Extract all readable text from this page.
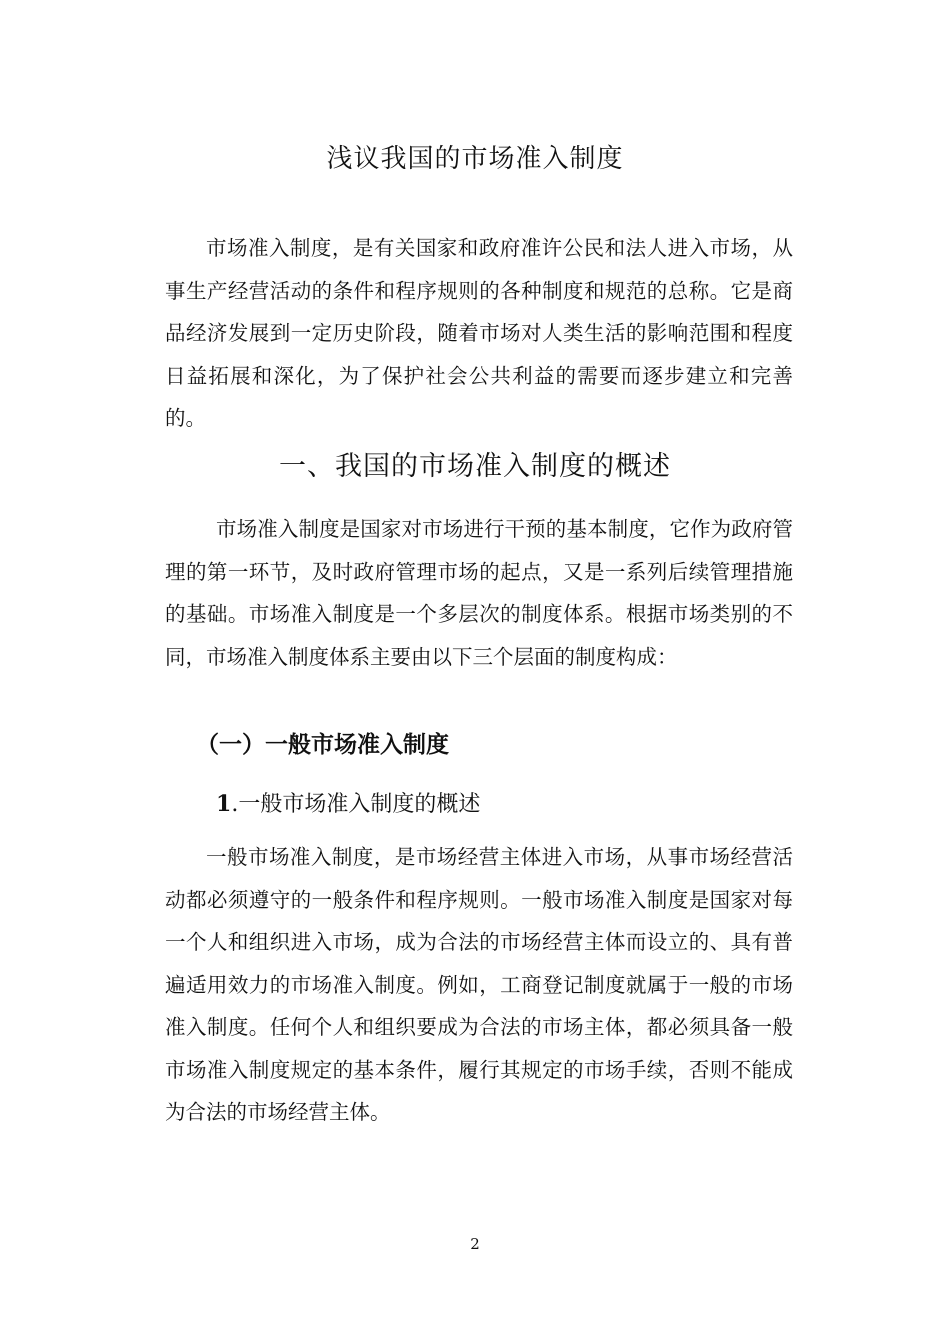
浅议我国的市场准入制度

市场准入制度，是有关国家和政府准许公民和法人进入市场，从事生产经营活动的条件和程序规则的各种制度和规范的总称。它是商品经济发展到一定历史阶段，随着市场对人类生活的影响范围和程度日益拓展和深化，为了保护社会公共利益的需要而逐步建立和完善的。

一、我国的市场准入制度的概述

市场准入制度是国家对市场进行干预的基本制度，它作为政府管理的第一环节，及时政府管理市场的起点，又是一系列后续管理措施的基础。市场准入制度是一个多层次的制度体系。根据市场类别的不同，市场准入制度体系主要由以下三个层面的制度构成：

（一）一般市场准入制度
1.一般市场准入制度的概述

一般市场准入制度，是市场经营主体进入市场，从事市场经营活动都必须遵守的一般条件和程序规则。一般市场准入制度是国家对每一个人和组织进入市场，成为合法的市场经营主体而设立的、具有普遍适用效力的市场准入制度。例如，工商登记制度就属于一般的市场准入制度。任何个人和组织要成为合法的市场主体，都必须具备一般市场准入制度规定的基本条件，履行其规定的市场手续，否则不能成为合法的市场经营主体。

2
